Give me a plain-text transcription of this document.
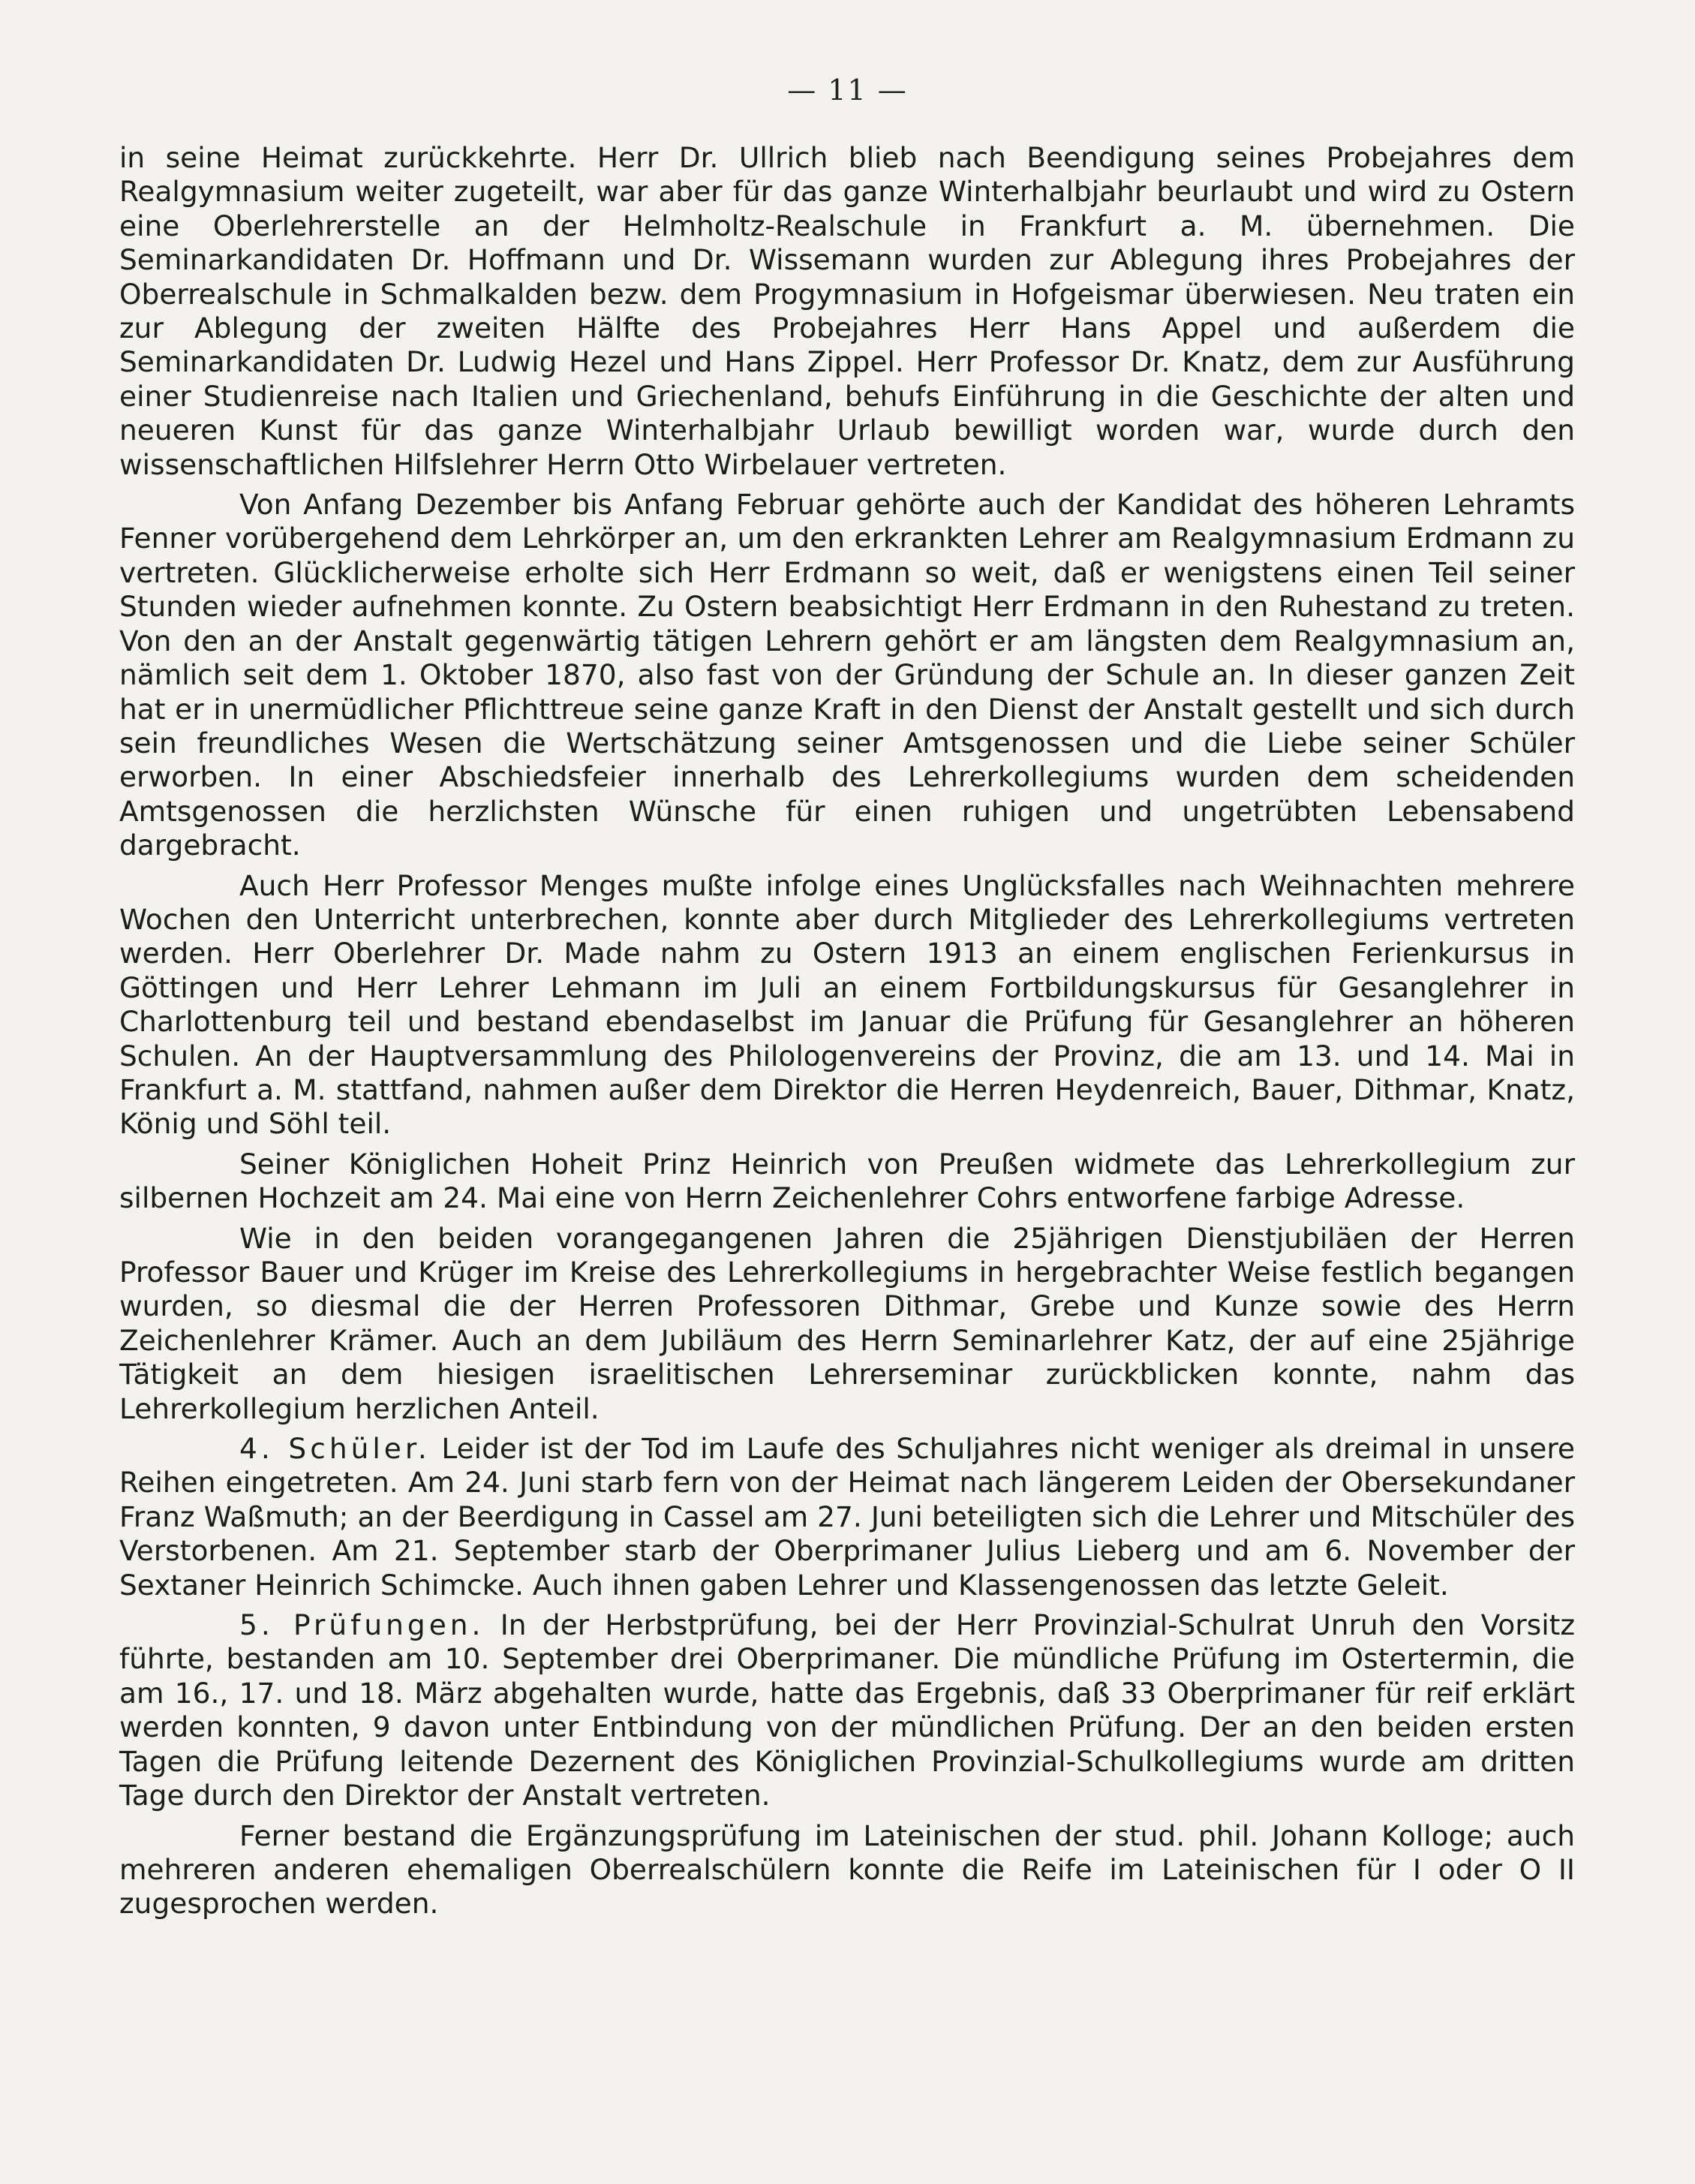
— 11 —

in seine Heimat zurückkehrte. Herr Dr. Ullrich blieb nach Beendigung seines Probejahres dem Realgymnasium weiter zugeteilt, war aber für das ganze Winterhalbjahr beurlaubt und wird zu Ostern eine Oberlehrerstelle an der Helmholtz-Realschule in Frankfurt a. M. übernehmen. Die Seminarkandidaten Dr. Hoffmann und Dr. Wissemann wurden zur Ablegung ihres Probejahres der Oberrealschule in Schmalkalden bezw. dem Progymnasium in Hofgeismar überwiesen. Neu traten ein zur Ablegung der zweiten Hälfte des Probejahres Herr Hans Appel und außerdem die Seminarkandidaten Dr. Ludwig Hezel und Hans Zippel. Herr Professor Dr. Knatz, dem zur Ausführung einer Studienreise nach Italien und Griechenland, behufs Einführung in die Geschichte der alten und neueren Kunst für das ganze Winterhalbjahr Urlaub bewilligt worden war, wurde durch den wissenschaftlichen Hilfslehrer Herrn Otto Wirbelauer vertreten.

Von Anfang Dezember bis Anfang Februar gehörte auch der Kandidat des höheren Lehramts Fenner vorübergehend dem Lehrkörper an, um den erkrankten Lehrer am Realgymnasium Erdmann zu vertreten. Glücklicherweise erholte sich Herr Erdmann so weit, daß er wenigstens einen Teil seiner Stunden wieder aufnehmen konnte. Zu Ostern beabsichtigt Herr Erdmann in den Ruhestand zu treten. Von den an der Anstalt gegenwärtig tätigen Lehrern gehört er am längsten dem Realgymnasium an, nämlich seit dem 1. Oktober 1870, also fast von der Gründung der Schule an. In dieser ganzen Zeit hat er in unermüdlicher Pflichttreue seine ganze Kraft in den Dienst der Anstalt gestellt und sich durch sein freundliches Wesen die Wertschätzung seiner Amtsgenossen und die Liebe seiner Schüler erworben. In einer Abschiedsfeier innerhalb des Lehrerkollegiums wurden dem scheidenden Amtsgenossen die herzlichsten Wünsche für einen ruhigen und ungetrübten Lebensabend dargebracht.

Auch Herr Professor Menges mußte infolge eines Unglücksfalles nach Weihnachten mehrere Wochen den Unterricht unterbrechen, konnte aber durch Mitglieder des Lehrerkollegiums vertreten werden. Herr Oberlehrer Dr. Made nahm zu Ostern 1913 an einem englischen Ferienkursus in Göttingen und Herr Lehrer Lehmann im Juli an einem Fortbildungskursus für Gesanglehrer in Charlottenburg teil und bestand ebendaselbst im Januar die Prüfung für Gesanglehrer an höheren Schulen. An der Hauptversammlung des Philologenvereins der Provinz, die am 13. und 14. Mai in Frankfurt a. M. stattfand, nahmen außer dem Direktor die Herren Heydenreich, Bauer, Dithmar, Knatz, König und Söhl teil.

Seiner Königlichen Hoheit Prinz Heinrich von Preußen widmete das Lehrerkollegium zur silbernen Hochzeit am 24. Mai eine von Herrn Zeichenlehrer Cohrs entworfene farbige Adresse.

Wie in den beiden vorangegangenen Jahren die 25jährigen Dienstjubiläen der Herren Professor Bauer und Krüger im Kreise des Lehrerkollegiums in hergebrachter Weise festlich begangen wurden, so diesmal die der Herren Professoren Dithmar, Grebe und Kunze sowie des Herrn Zeichenlehrer Krämer. Auch an dem Jubiläum des Herrn Seminarlehrer Katz, der auf eine 25jährige Tätigkeit an dem hiesigen israelitischen Lehrerseminar zurückblicken konnte, nahm das Lehrerkollegium herzlichen Anteil.

4. Schüler. Leider ist der Tod im Laufe des Schuljahres nicht weniger als dreimal in unsere Reihen eingetreten. Am 24. Juni starb fern von der Heimat nach längerem Leiden der Obersekundaner Franz Waßmuth; an der Beerdigung in Cassel am 27. Juni beteiligten sich die Lehrer und Mitschüler des Verstorbenen. Am 21. September starb der Oberprimaner Julius Lieberg und am 6. November der Sextaner Heinrich Schimcke. Auch ihnen gaben Lehrer und Klassengenossen das letzte Geleit.

5. Prüfungen. In der Herbstprüfung, bei der Herr Provinzial-Schulrat Unruh den Vorsitz führte, bestanden am 10. September drei Oberprimaner. Die mündliche Prüfung im Ostertermin, die am 16., 17. und 18. März abgehalten wurde, hatte das Ergebnis, daß 33 Oberprimaner für reif erklärt werden konnten, 9 davon unter Entbindung von der mündlichen Prüfung. Der an den beiden ersten Tagen die Prüfung leitende Dezernent des Königlichen Provinzial-Schulkollegiums wurde am dritten Tage durch den Direktor der Anstalt vertreten.

Ferner bestand die Ergänzungsprüfung im Lateinischen der stud. phil. Johann Kolloge; auch mehreren anderen ehemaligen Oberrealschülern konnte die Reife im Lateinischen für I oder O II zugesprochen werden.
